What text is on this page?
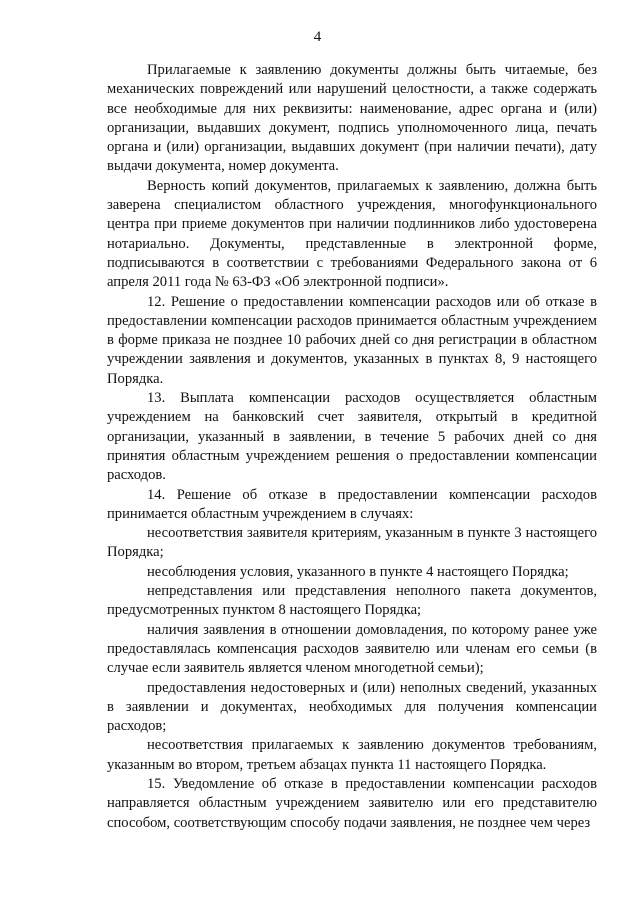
4

Прилагаемые к заявлению документы должны быть читаемые, без механических повреждений или нарушений целостности, а также содержать все необходимые для них реквизиты: наименование, адрес органа и (или) организации, выдавших документ, подпись уполномоченного лица, печать органа и (или) организации, выдавших документ (при наличии печати), дату выдачи документа, номер документа.

Верность копий документов, прилагаемых к заявлению, должна быть заверена специалистом областного учреждения, многофункционального центра при приеме документов при наличии подлинников либо удостоверена нотариально. Документы, представленные в электронной форме, подписываются в соответствии с требованиями Федерального закона от 6 апреля 2011 года № 63-ФЗ «Об электронной подписи».

12. Решение о предоставлении компенсации расходов или об отказе в предоставлении компенсации расходов принимается областным учреждением в форме приказа не позднее 10 рабочих дней со дня регистрации в областном учреждении заявления и документов, указанных в пунктах 8, 9 настоящего Порядка.

13. Выплата компенсации расходов осуществляется областным учреждением на банковский счет заявителя, открытый в кредитной организации, указанный в заявлении, в течение 5 рабочих дней со дня принятия областным учреждением решения о предоставлении компенсации расходов.

14. Решение об отказе в предоставлении компенсации расходов принимается областным учреждением в случаях:

несоответствия заявителя критериям, указанным в пункте 3 настоящего Порядка;

несоблюдения условия, указанного в пункте 4 настоящего Порядка;

непредставления или представления неполного пакета документов, предусмотренных пунктом 8 настоящего Порядка;

наличия заявления в отношении домовладения, по которому ранее уже предоставлялась компенсация расходов заявителю или членам его семьи (в случае если заявитель является членом многодетной семьи);

предоставления недостоверных и (или) неполных сведений, указанных в заявлении и документах, необходимых для получения компенсации расходов;

несоответствия прилагаемых к заявлению документов требованиям, указанным во втором, третьем абзацах пункта 11 настоящего Порядка.

15. Уведомление об отказе в предоставлении компенсации расходов направляется областным учреждением заявителю или его представителю способом, соответствующим способу подачи заявления, не позднее чем через
